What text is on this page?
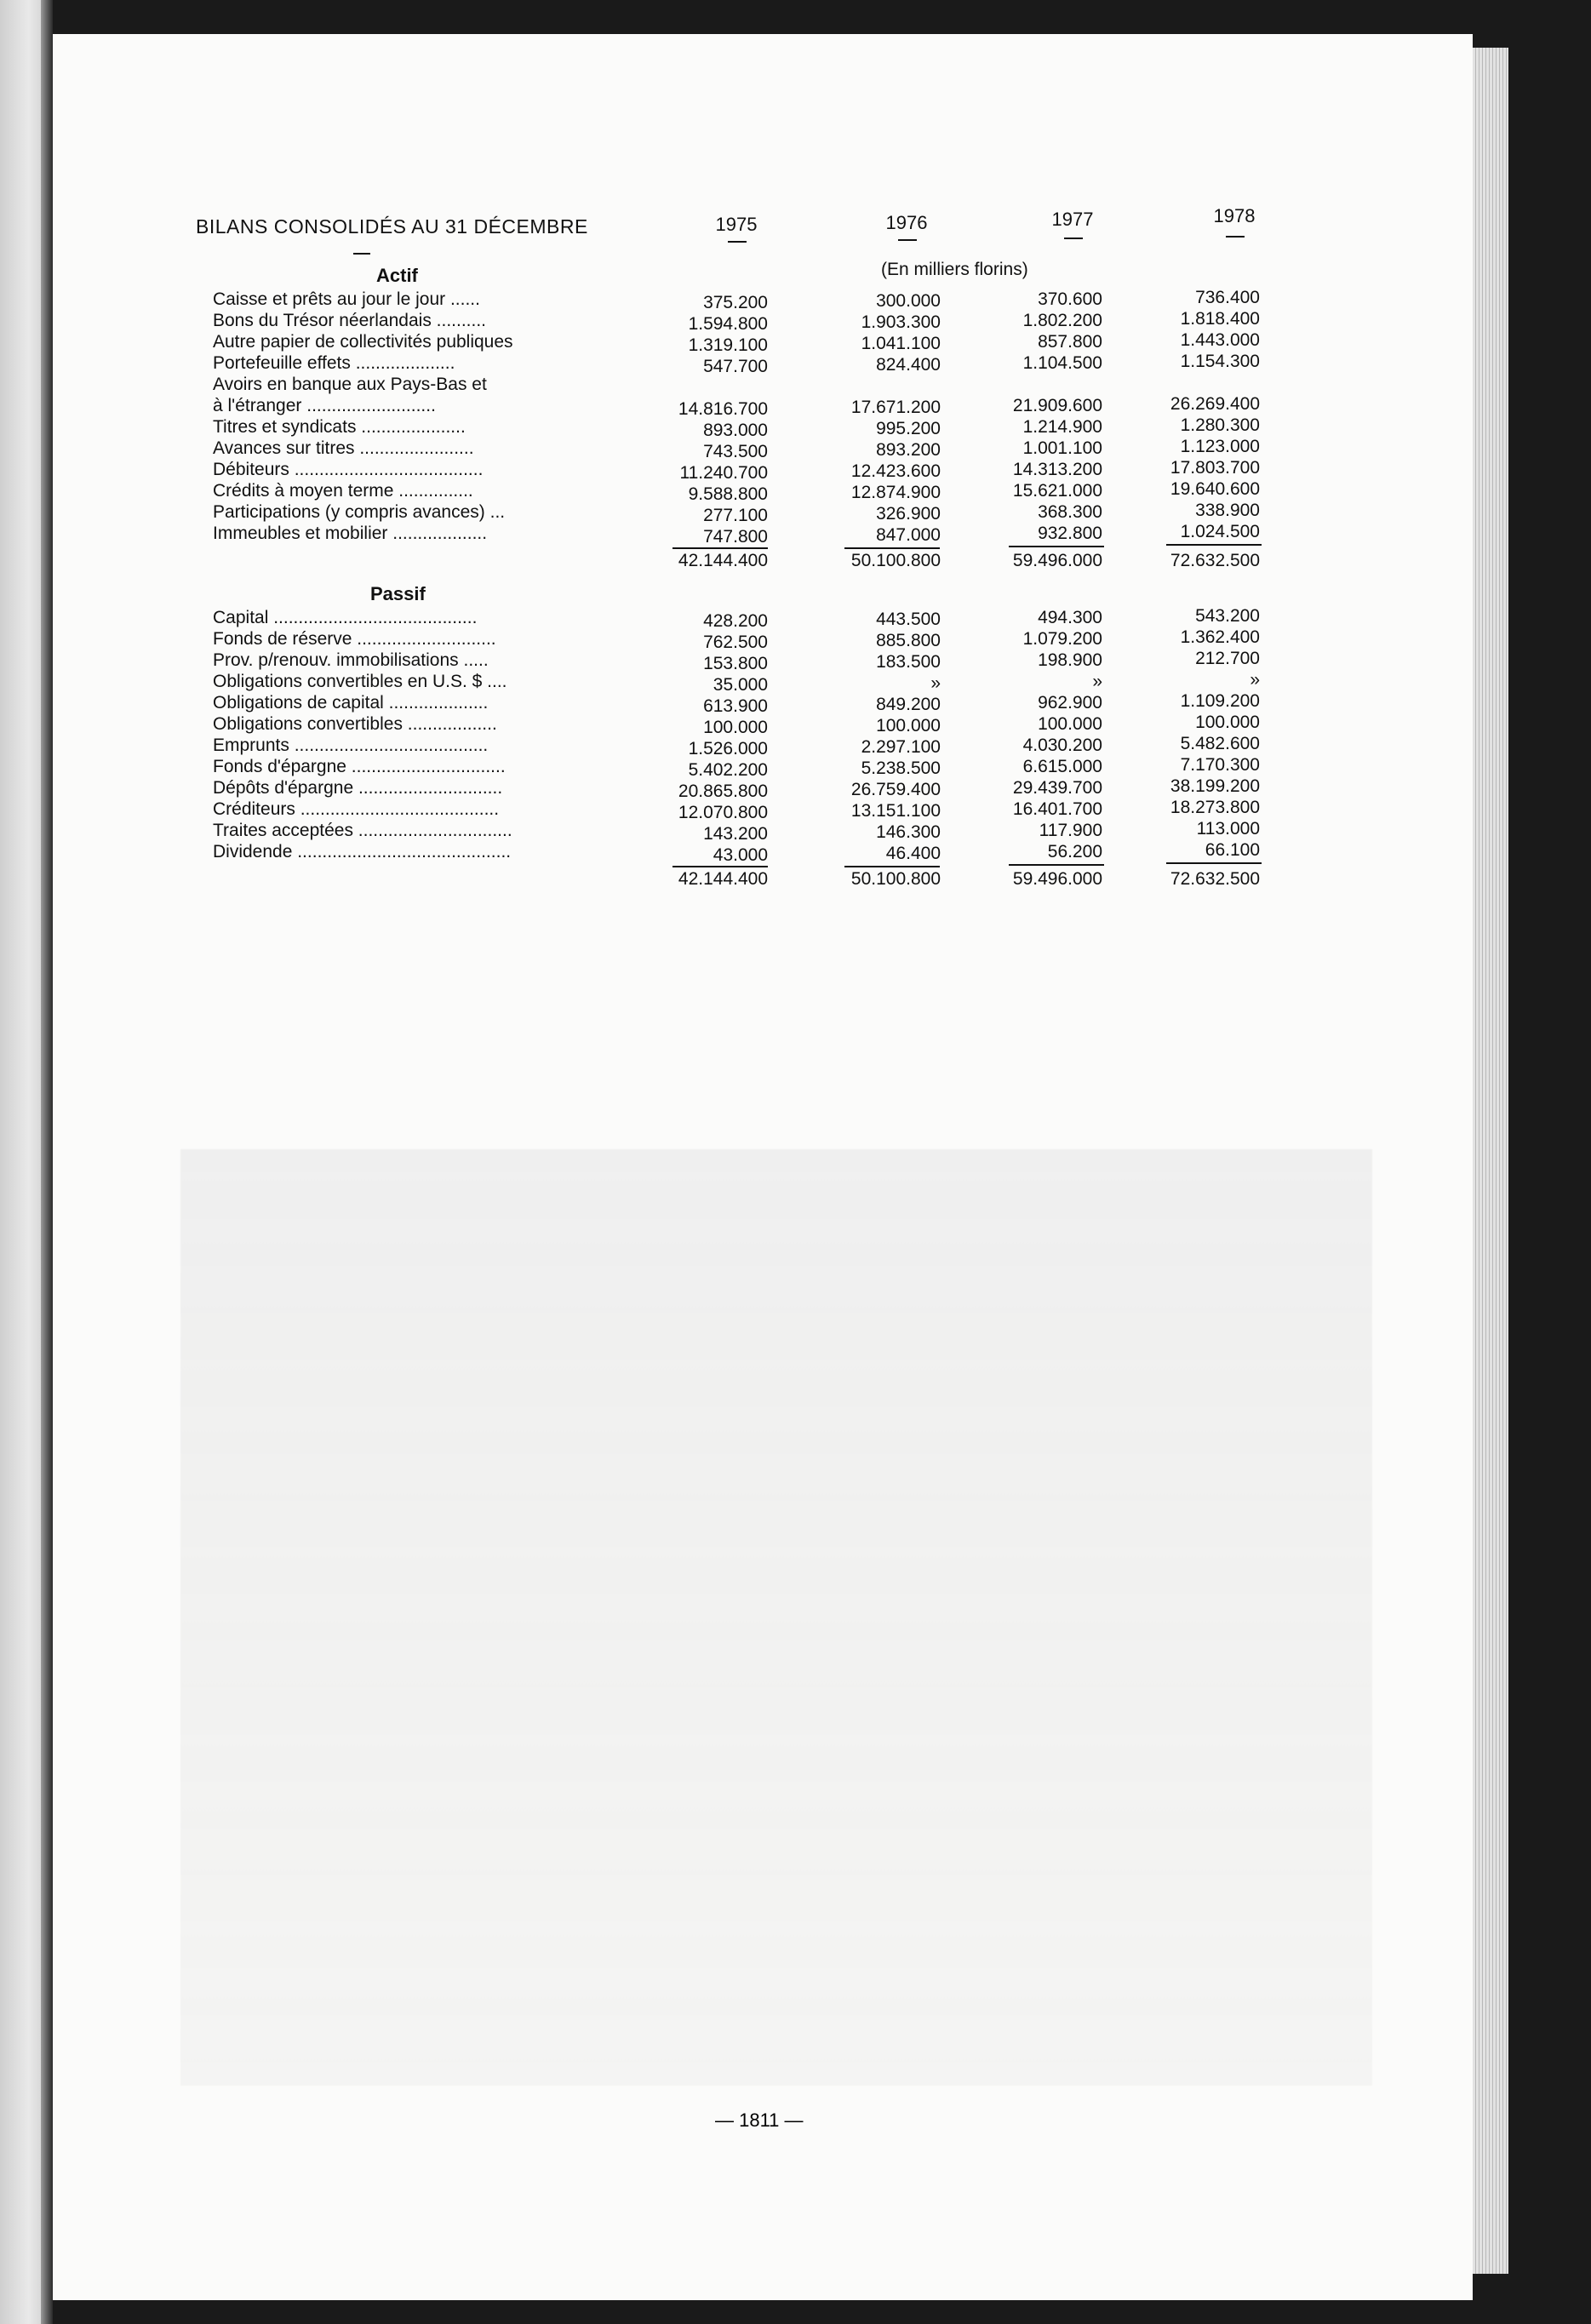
BILANS CONSOLIDÉS AU 31 DÉCEMBRE	1975	1976	1977	1978
Actif	(En milliers florins)
Caisse et prêts au jour le jour ......	375.200	300.000	370.600	736.400
Bons du Trésor néerlandais ..........	1.594.800	1.903.300	1.802.200	1.818.400
Autre papier de collectivités publiques	1.319.100	1.041.100	857.800	1.443.000
Portefeuille effets ....................	547.700	824.400	1.104.500	1.154.300
Avoirs en banque aux Pays-Bas et
à l'étranger ..........................	14.816.700	17.671.200	21.909.600	26.269.400
Titres et syndicats .....................	893.000	995.200	1.214.900	1.280.300
Avances sur titres .......................	743.500	893.200	1.001.100	1.123.000
Débiteurs ......................................	11.240.700	12.423.600	14.313.200	17.803.700
Crédits à moyen terme ...............	9.588.800	12.874.900	15.621.000	19.640.600
Participations (y compris avances) ...	277.100	326.900	368.300	338.900
Immeubles et mobilier ...................	747.800	847.000	932.800	1.024.500
42.144.400	50.100.800	59.496.000	72.632.500
Passif
Capital .........................................	428.200	443.500	494.300	543.200
Fonds de réserve ............................	762.500	885.800	1.079.200	1.362.400
Prov. p/renouv. immobilisations .....	153.800	183.500	198.900	212.700
Obligations convertibles en U.S. $ ....	35.000	»	»	»
Obligations de capital ....................	613.900	849.200	962.900	1.109.200
Obligations convertibles ..................	100.000	100.000	100.000	100.000
Emprunts .......................................	1.526.000	2.297.100	4.030.200	5.482.600
Fonds d'épargne ...............................	5.402.200	5.238.500	6.615.000	7.170.300
Dépôts d'épargne .............................	20.865.800	26.759.400	29.439.700	38.199.200
Créditeurs ........................................	12.070.800	13.151.100	16.401.700	18.273.800
Traites acceptées ...............................	143.200	146.300	117.900	113.000
Dividende ...........................................	43.000	46.400	56.200	66.100
42.144.400	50.100.800	59.496.000	72.632.500
— 1811 —
